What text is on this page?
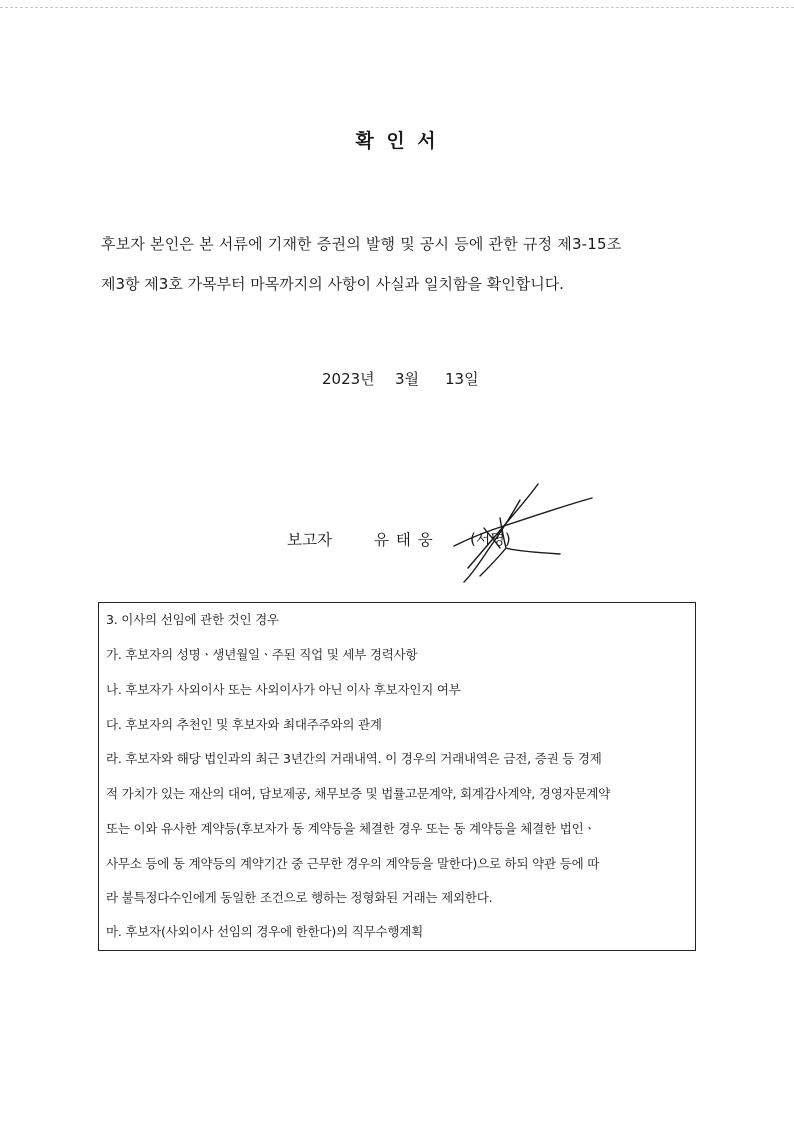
확 인 서
후보자 본인은 본 서류에 기재한 증권의 발행 및 공시 등에 관한 규정 제3-15조
제3항 제3호 가목부터 마목까지의 사항이 사실과 일치함을 확인합니다.
2023년 3월 13일
보고자	유 태 웅 (서명)
3. 이사의 선임에 관한 것인 경우
가. 후보자의 성명ㆍ생년월일ㆍ주된 직업 및 세부 경력사항
나. 후보자가 사외이사 또는 사외이사가 아닌 이사 후보자인지 여부
다. 후보자의 추천인 및 후보자와 최대주주와의 관계
라. 후보자와 해당 법인과의 최근 3년간의 거래내역. 이 경우의 거래내역은 금전, 증권 등 경제
적 가치가 있는 재산의 대여, 담보제공, 채무보증 및 법률고문계약, 회계감사계약, 경영자문계약
또는 이와 유사한 계약등(후보자가 동 계약등을 체결한 경우 또는 동 계약등을 체결한 법인ㆍ
사무소 등에 동 계약등의 계약기간 중 근무한 경우의 계약등을 말한다)으로 하되 약관 등에 따
라 불특정다수인에게 동일한 조건으로 행하는 정형화된 거래는 제외한다.
마. 후보자(사외이사 선임의 경우에 한한다)의 직무수행계획
